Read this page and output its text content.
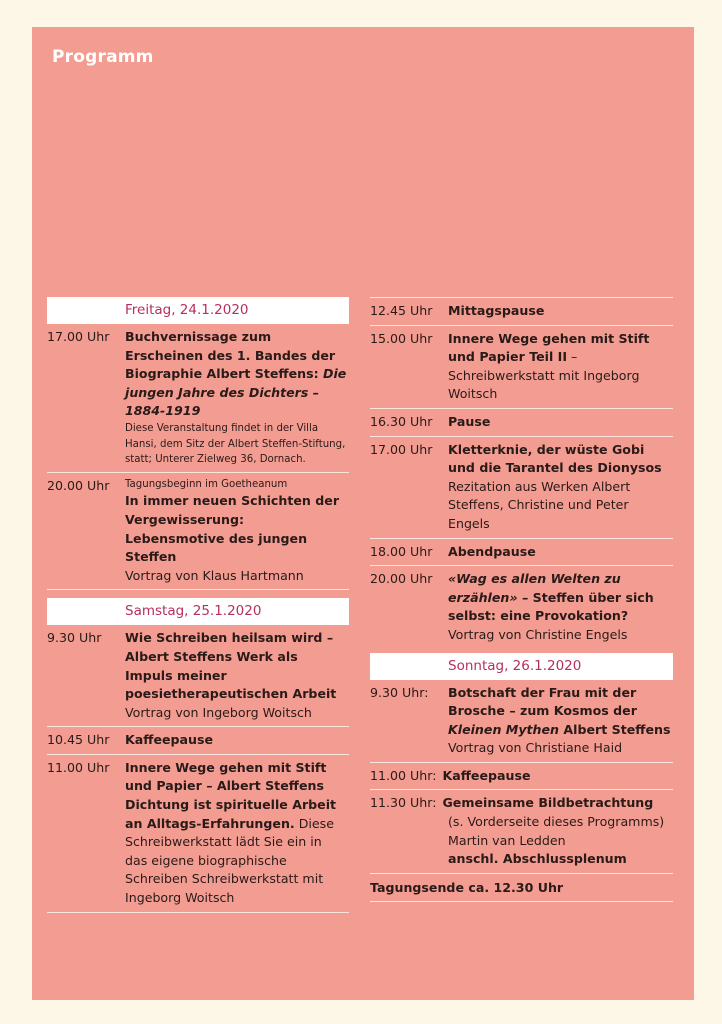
Programm
Freitag, 24.1.2020
17.00 Uhr	Buchvernissage zum Erscheinen des 1. Bandes der Biographie Albert Steffens: Die jungen Jahre des Dichters – 1884-1919
Diese Veranstaltung findet in der Villa Hansi, dem Sitz der Albert Steffen-Stiftung, statt; Unterer Zielweg 36, Dornach.
20.00 Uhr	Tagungsbeginn im Goetheanum
In immer neuen Schichten der Vergewisserung: Lebensmotive des jungen Steffen
Vortrag von Klaus Hartmann
Samstag, 25.1.2020
9.30 Uhr	Wie Schreiben heilsam wird – Albert Steffens Werk als Impuls meiner poesietherapeutischen Arbeit
Vortrag von Ingeborg Woitsch
10.45 Uhr	Kaffeepause
11.00 Uhr	Innere Wege gehen mit Stift und Papier – Albert Steffens Dichtung ist spirituelle Arbeit an Alltags-Erfahrungen. Diese Schreibwerkstatt lädt Sie ein in das eigene biographische Schreiben Schreibwerkstatt mit Ingeborg Woitsch
12.45 Uhr	Mittagspause
15.00 Uhr	Innere Wege gehen mit Stift und Papier Teil II – Schreibwerkstatt mit Ingeborg Woitsch
16.30 Uhr	Pause
17.00 Uhr	Kletterknie, der wüste Gobi und die Tarantel des Dionysos
Rezitation aus Werken Albert Steffens, Christine und Peter Engels
18.00 Uhr	Abendpause
20.00 Uhr	«Wag es allen Welten zu erzählen» – Steffen über sich selbst: eine Provokation?
Vortrag von Christine Engels
Sonntag, 26.1.2020
9.30 Uhr:	Botschaft der Frau mit der Brosche – zum Kosmos der Kleinen Mythen Albert Steffens
Vortrag von Christiane Haid
11.00 Uhr: Kaffeepause
11.30 Uhr: Gemeinsame Bildbetrachtung
(s. Vorderseite dieses Programms)
Martin van Ledden
anschl. Abschlussplenum
Tagungsende ca. 12.30 Uhr
